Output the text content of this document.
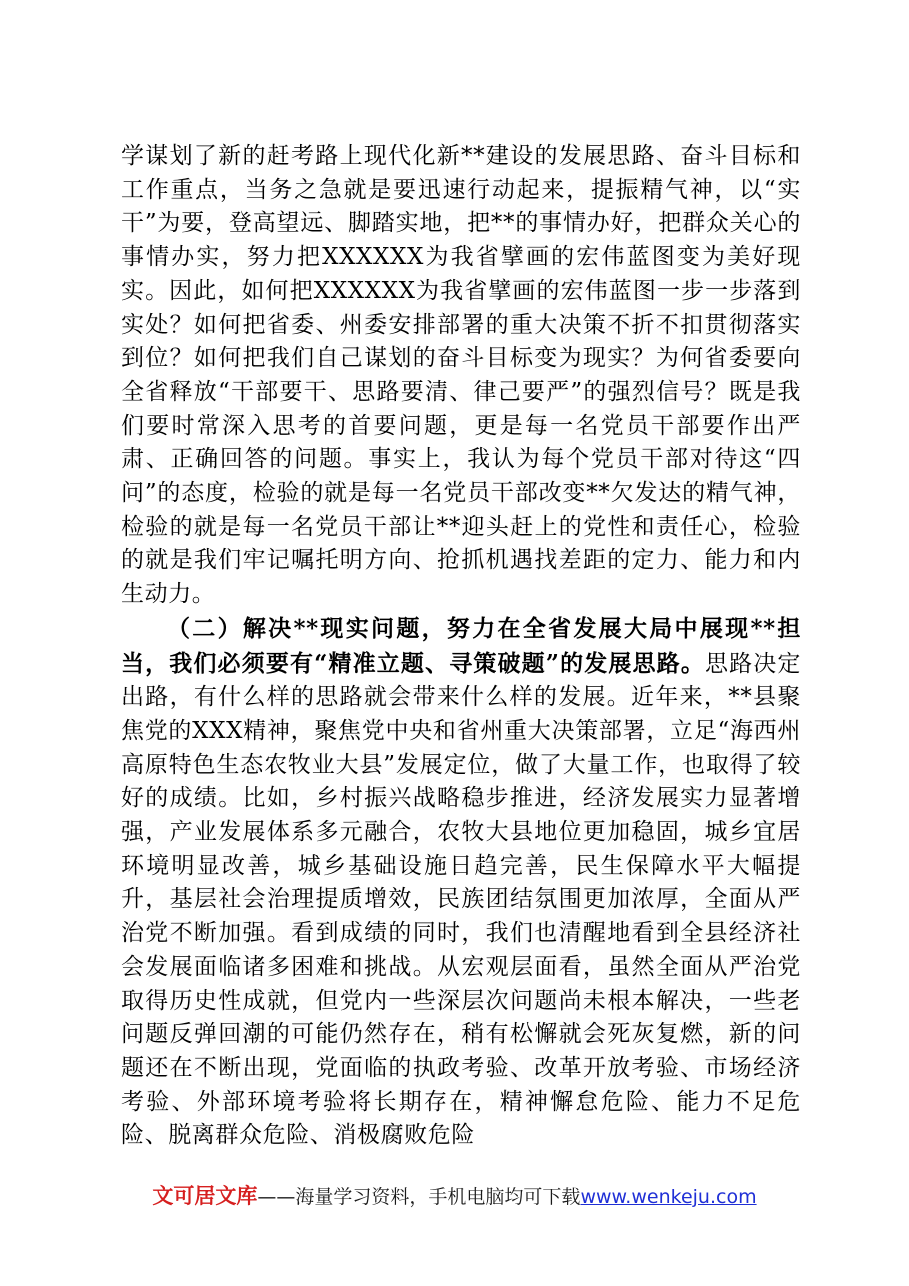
学谋划了新的赶考路上现代化新**建设的发展思路、奋斗目标和工作重点，当务之急就是要迅速行动起来，提振精气神，以“实干”为要，登高望远、脚踏实地，把**的事情办好，把群众关心的事情办实，努力把XXXXXX为我省擘画的宏伟蓝图变为美好现实。因此，如何把XXXXXX为我省擘画的宏伟蓝图一步一步落到实处？如何把省委、州委安排部署的重大决策不折不扣贯彻落实到位？如何把我们自己谋划的奋斗目标变为现实？为何省委要向全省释放“干部要干、思路要清、律己要严”的强烈信号？既是我们要时常深入思考的首要问题，更是每一名党员干部要作出严肃、正确回答的问题。事实上，我认为每个党员干部对待这“四问”的态度，检验的就是每一名党员干部改变**欠发达的精气神，检验的就是每一名党员干部让**迎头赶上的党性和责任心，检验的就是我们牢记嘱托明方向、抢抓机遇找差距的定力、能力和内生动力。

（二）解决**现实问题，努力在全省发展大局中展现**担当，我们必须要有“精准立题、寻策破题”的发展思路。思路决定出路，有什么样的思路就会带来什么样的发展。近年来，**县聚焦党的XXX精神，聚焦党中央和省州重大决策部署，立足“海西州高原特色生态农牧业大县”发展定位，做了大量工作，也取得了较好的成绩。比如，乡村振兴战略稳步推进，经济发展实力显著增强，产业发展体系多元融合，农牧大县地位更加稳固，城乡宜居环境明显改善，城乡基础设施日趋完善，民生保障水平大幅提升，基层社会治理提质增效，民族团结氛围更加浓厚，全面从严治党不断加强。看到成绩的同时，我们也清醒地看到全县经济社会发展面临诸多困难和挑战。从宏观层面看，虽然全面从严治党取得历史性成就，但党内一些深层次问题尚未根本解决，一些老问题反弹回潮的可能仍然存在，稍有松懈就会死灰复燃，新的问题还在不断出现，党面临的执政考验、改革开放考验、市场经济考验、外部环境考验将长期存在，精神懈怠危险、能力不足危险、脱离群众危险、消极腐败危险

文可居文库——海量学习资料，手机电脑均可下载www.wenkeju.com
